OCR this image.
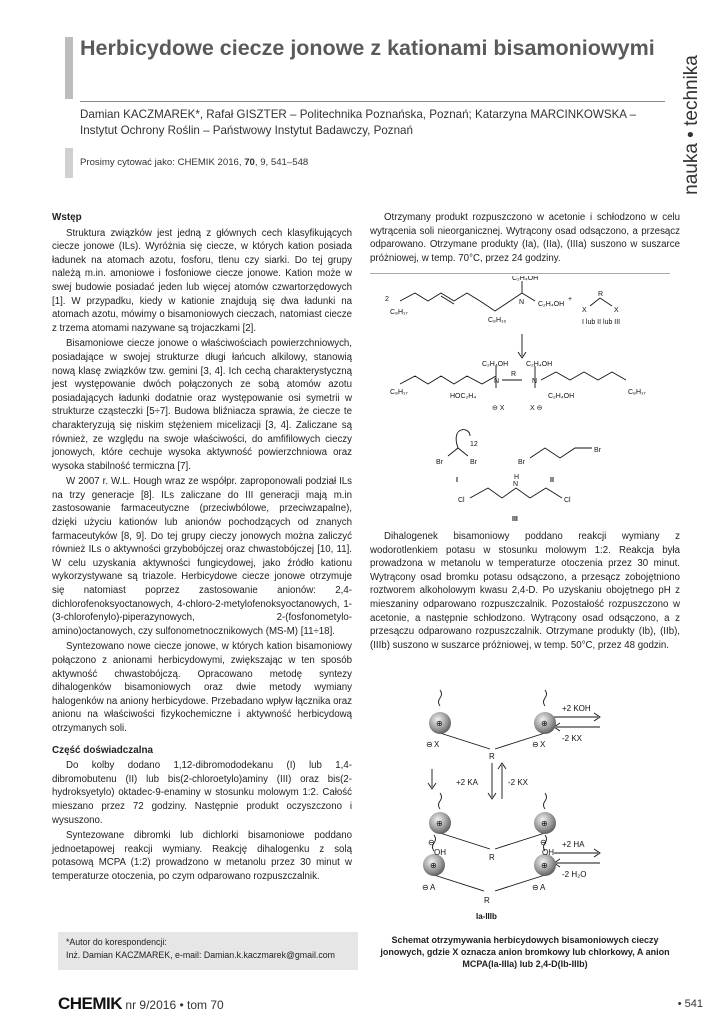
Herbicydowe ciecze jonowe z kationami bisamoniowymi
nauka • technika

Damian KACZMAREK*, Rafał GISZTER – Politechnika Poznańska, Poznań; Katarzyna MARCINKOWSKA – Instytut Ochrony Roślin – Państwowy Instytut Badawczy, Poznań

Prosimy cytować jako: CHEMIK 2016, 70, 9, 541–548
Wstęp

Struktura związków jest jedną z głównych cech klasyfikujących ciecze jonowe (ILs). Wyróżnia się ciecze, w których kation posiada ładunek na atomach azotu, fosforu, tlenu czy siarki. Do tej grupy należą m.in. amoniowe i fosfoniowe ciecze jonowe. Kation może w swej budowie posiadać jeden lub więcej atomów czwartorzędowych [1]. W przypadku, kiedy w kationie znajdują się dwa ładunki na atomach azotu, mówimy o bisamoniowych cieczach, natomiast ciecze z trzema atomami nazywane są trojaczkami [2].

Bisamoniowe ciecze jonowe o właściwościach powierzchniowych, posiadające w swojej strukturze długi łańcuch alkilowy, stanowią nową klasę związków tzw. gemini [3, 4]. Ich cechą charakterystyczną jest występowanie dwóch połączonych ze sobą atomów azotu posiadających ładunki dodatnie oraz występowanie osi symetrii w strukturze cząsteczki [5÷7]. Budowa bliźniacza sprawia, że ciecze te charakteryzują się niskim stężeniem micelizacji [3, 4]. Zaliczane są również, ze względu na swoje właściwości, do amfifilowych cieczy jonowych, które cechuje wysoka aktywność powierzchniowa oraz wysoka stabilność termiczna [7].

W 2007 r. W.L. Hough wraz ze współpr. zaproponowali podział ILs na trzy generacje [8]. ILs zaliczane do III generacji mają m.in zastosowanie farmaceutyczne (przeciwbólowe, przeciwzapalne), dzięki użyciu kationów lub anionów pochodzących od znanych farmaceutyków [8, 9]. Do tej grupy cieczy jonowych można zaliczyć również ILs o aktywności grzybobójczej oraz chwastobójczej [10, 11]. W celu uzyskania aktywności fungicydowej, jako źródło kationu wykorzystywane są triazole. Herbicydowe ciecze jonowe otrzymuje się natomiast poprzez zastosowanie anionów: 2,4-dichlorofenoksyoctanowych, 4-chloro-2-metylofenoksyoctanowych, 1-(3-chlorofenylo)-piperazynowych, 2-(fosfonometylo-amino)octanowych, czy sulfonometnocznikowych (MS-M) [11÷18].

Syntezowano nowe ciecze jonowe, w których kation bisamoniowy połączono z anionami herbicydowymi, zwiększając w ten sposób aktywność chwastobójczą. Opracowano metodę syntezy dihalogenków bisamoniowych oraz dwie metody wymiany halogenków na aniony herbicydowe. Przebadano wpływ łącznika oraz anionu na właściwości fizykochemiczne i aktywność herbicydową otrzymanych soli.

Część doświadczalna

Do kolby dodano 1,12-dibromododekanu (I) lub 1,4-dibromobutenu (II) lub bis(2-chloroetylo)aminy (III) oraz bis(2-hydroksyetylo) oktadec-9-enaminy w stosunku molowym 1:2. Całość mieszano przez 72 godziny. Następnie produkt oczyszczono i wysuszono.

Syntezowane dibromki lub dichlorki bisamoniowe poddano jednoetapowej reakcji wymiany. Reakcję dihalogenku z solą potasową MCPA (1:2) prowadzono w metanolu przez 30 minut w temperaturze otoczenia, po czym odparowano rozpuszczalnik.

Otrzymany produkt rozpuszczono w acetonie i schłodzono w celu wytrącenia soli nieorganicznej. Wytrącony osad odsączono, a przesącz odparowano. Otrzymane produkty (Ia), (IIa), (IIIa) suszono w suszarce próżniowej, w temp. 70°C, przez 24 godziny.

2
C₈H₁₇
C₈H₁₆
N
C₂H₄OH
C₂H₄OH
+
X	X
R
I lub II lub III
C₂H₄OH	C₂H₄OH
C₈H₁₇	C₈H₁₇
N	N
R
HOC₂H₄	C₂H₄OH
⊖ X	X ⊖
Br	Br
12
Br
Br
Cl	Cl
N
H
I	II
III

Dihalogenek bisamoniowy poddano reakcji wymiany z wodorotlenkiem potasu w stosunku molowym 1:2. Reakcja była prowadzona w metanolu w temperaturze otoczenia przez 30 minut. Wytrącony osad bromku potasu odsączono, a przesącz zobojętniono roztworem alkoholowym kwasu 2,4-D. Po uzyskaniu obojętnego pH z mieszaniny odparowano rozpuszczalnik. Pozostałość rozpuszczono w acetonie, a następnie schłodzono. Wytrącony osad odsączono, a z przesączu odparowano rozpuszczalnik. Otrzymane produkty (Ib), (IIb), (IIIb) suszono w suszarce próżniowej, w temp. 50°C, przez 48 godzin.

⊕	⊕
⊕	⊕
⊕	⊕
⊖ X	⊖ X
R
+2 KOH
-2 KX
+2 KA	-2 KX
⊖
OH
⊖
OH
R
+2 HA
-2 H₂O
⊖ A	⊖ A
R
Ia-IIIb
*Autor do korespondencji:
Inż. Damian KACZMAREK, e-mail: Damian.k.kaczmarek@gmail.com
Schemat otrzymywania herbicydowych bisamoniowych cieczy jonowych, gdzie X oznacza anion bromkowy lub chlorkowy, A anion MCPA(Ia-IIIa) lub 2,4-D(Ib-IIIb)
CHEMIK nr 9/2016 • tom 70	• 541
